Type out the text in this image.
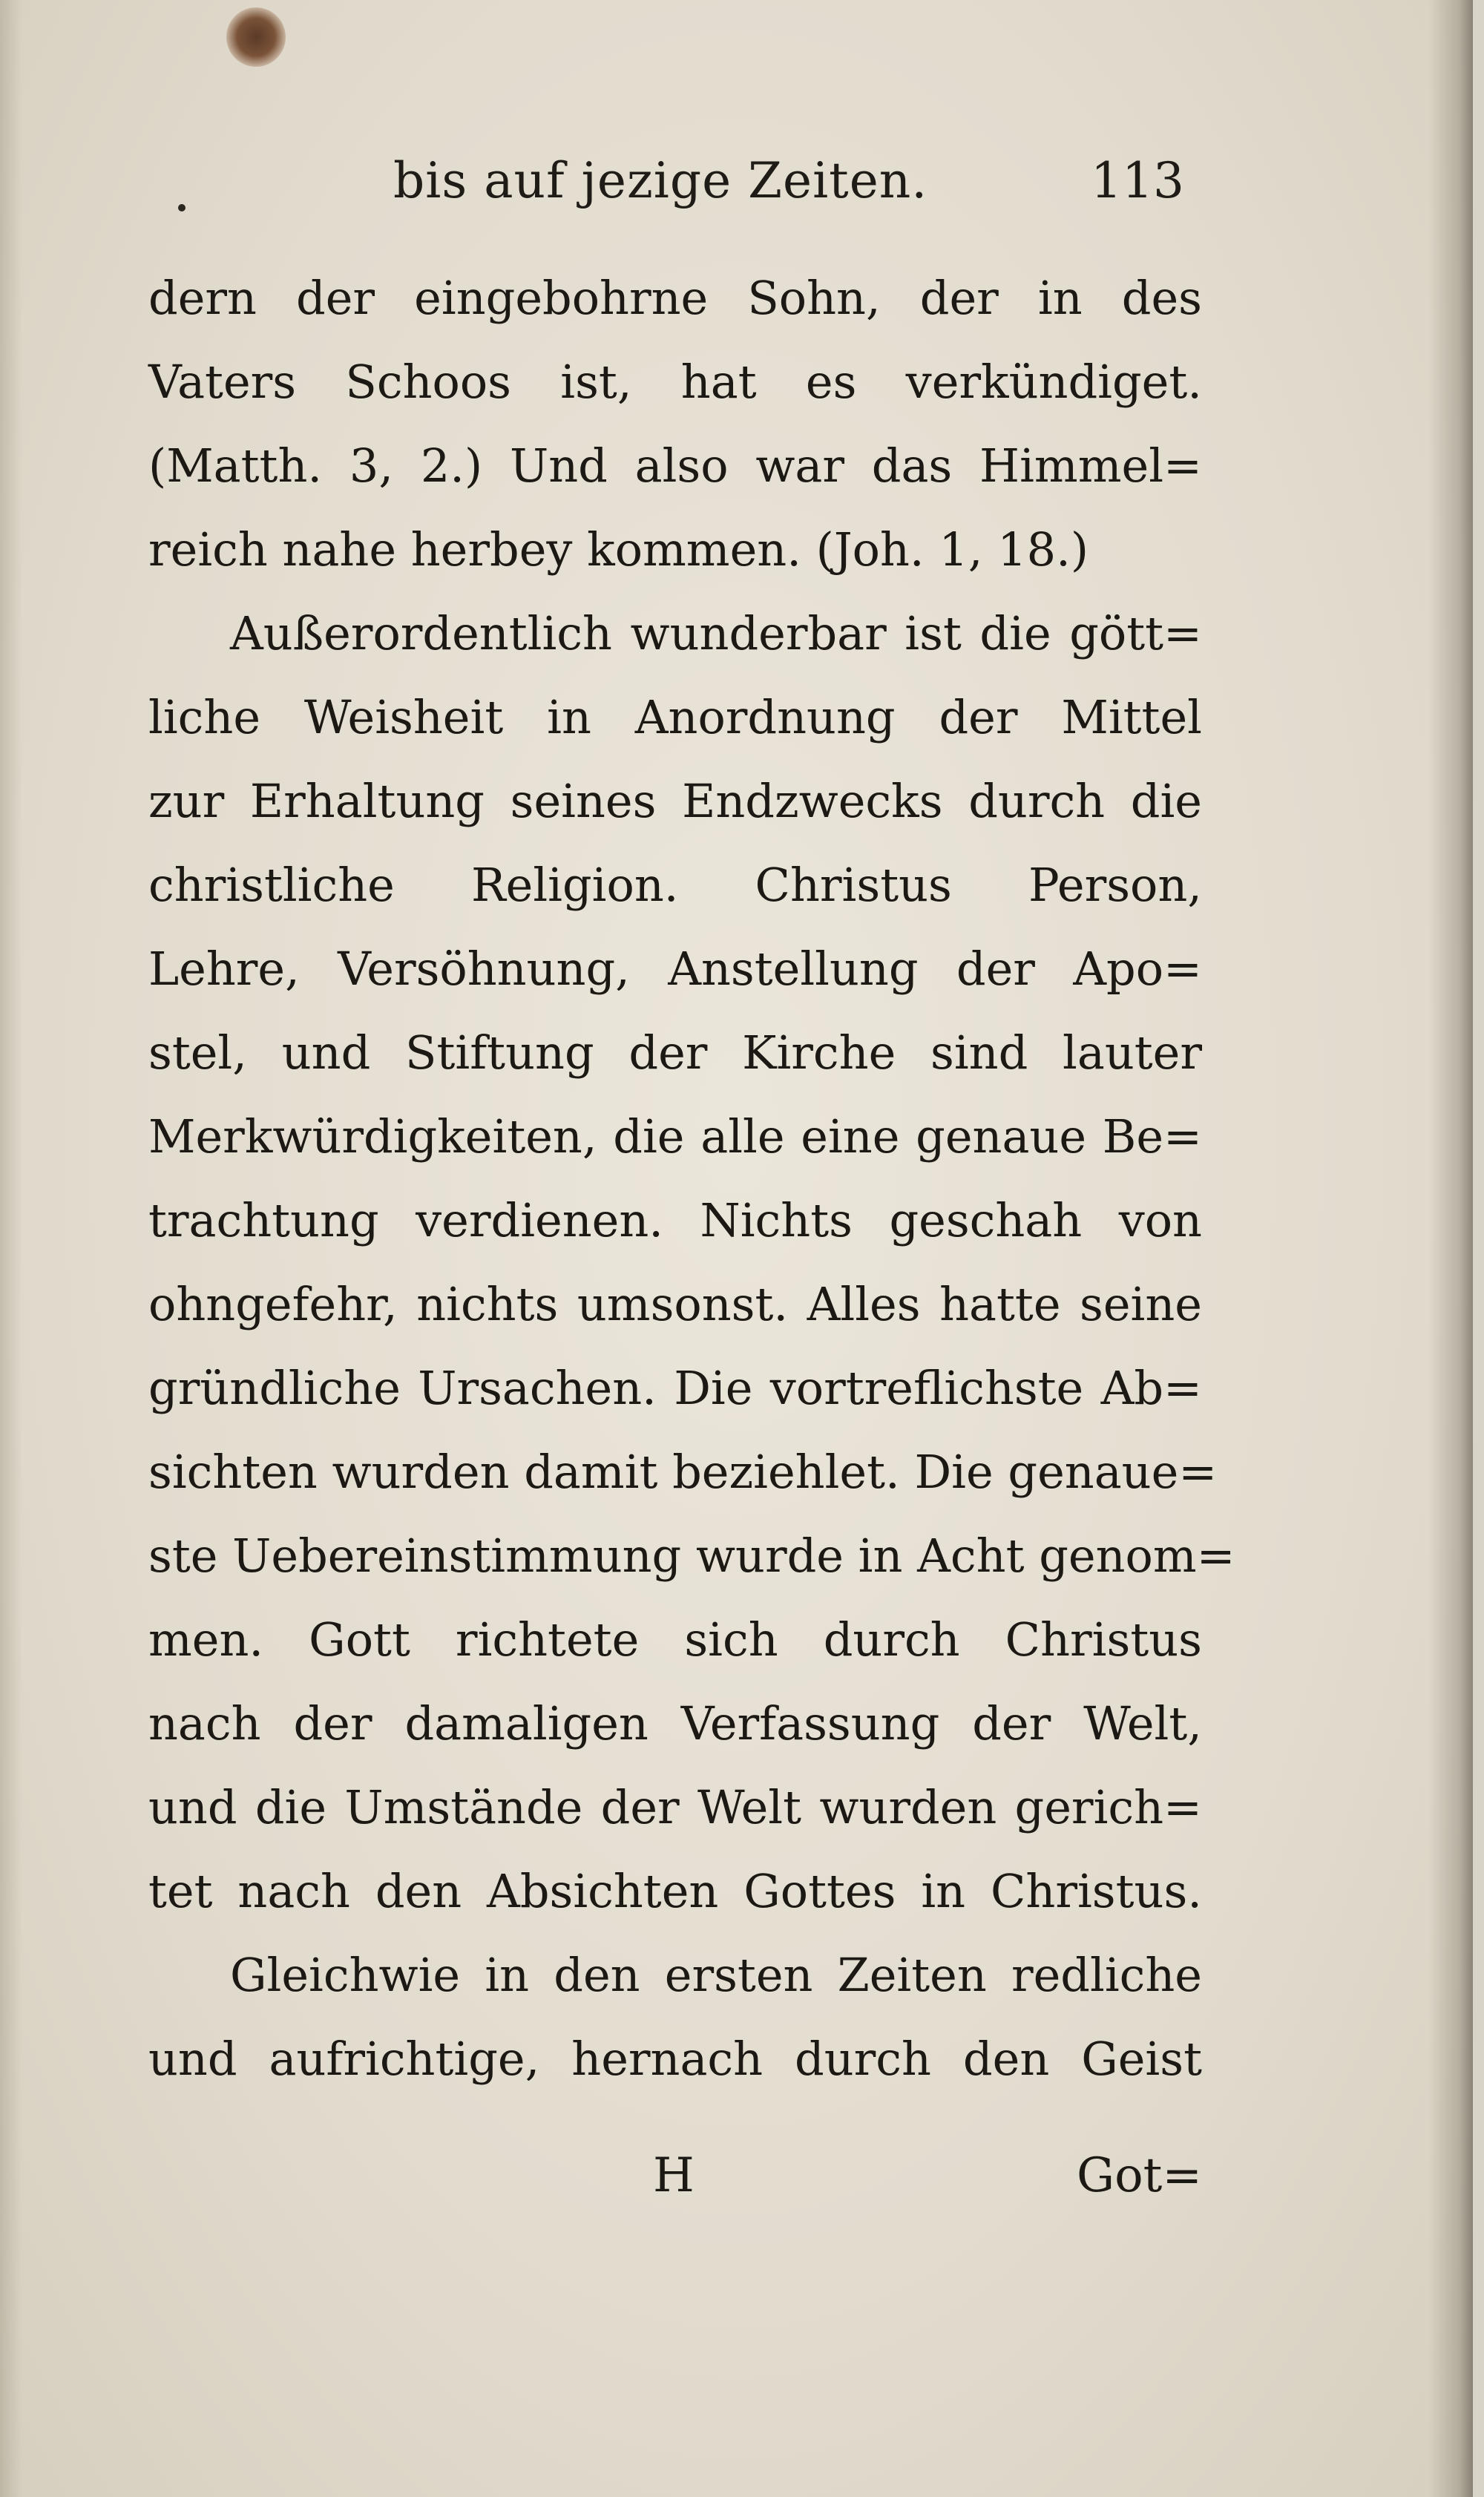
bis auf jezige Zeiten.	113
dern der eingebohrne Sohn, der in des
Vaters Schoos ist, hat es verkündiget.
(Matth. 3, 2.) Und also war das Himmel=
reich nahe herbey kommen. (Joh. 1, 18.)
Außerordentlich wunderbar ist die gött=
liche Weisheit in Anordnung der Mittel
zur Erhaltung seines Endzwecks durch die
christliche Religion. Christus Person,
Lehre, Versöhnung, Anstellung der Apo=
stel, und Stiftung der Kirche sind lauter
Merkwürdigkeiten, die alle eine genaue Be=
trachtung verdienen. Nichts geschah von
ohngefehr, nichts umsonst. Alles hatte seine
gründliche Ursachen. Die vortreflichste Ab=
sichten wurden damit beziehlet. Die genaue=
ste Uebereinstimmung wurde in Acht genom=
men. Gott richtete sich durch Christus
nach der damaligen Verfassung der Welt,
und die Umstände der Welt wurden gerich=
tet nach den Absichten Gottes in Christus.
Gleichwie in den ersten Zeiten redliche
und aufrichtige, hernach durch den Geist
H	Got=
